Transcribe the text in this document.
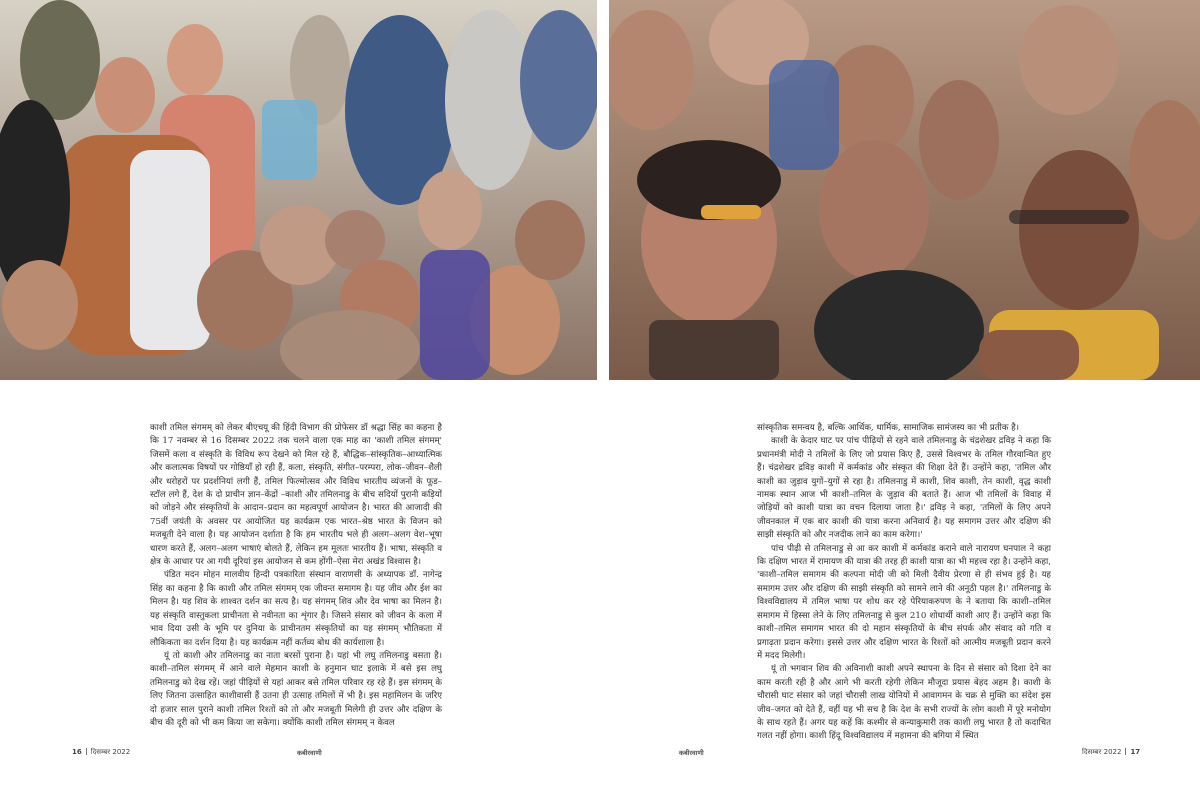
काशी तमिल संगमम् को लेकर बीएचयू की हिंदी विभाग की प्रोफेसर डॉ श्रद्धा सिंह का कहना है कि 17 नवम्बर से 16 दिसम्बर 2022 तक चलने वाला एक माह का 'काशी तमिल संगमम्' जिसमें कला व संस्कृति के विविध रूप देखने को मिल रहे हैं, बौद्धिक–सांस्कृतिक–आध्यात्मिक और कलात्मक विषयों पर गोष्ठियाँ हो रही हैं, कला, संस्कृति, संगीत–परम्परा, लोक–जीवन–शैली और धरोहरों पर प्रदर्शनियां लगी हैं, तमिल फिल्मोत्सव और विविध भारतीय व्यंजनों के फूड–स्टॉल लगे हैं, देश के दो प्राचीन ज्ञान–केंद्रों –काशी और तमिलनाडु के बीच सदियों पुरानी कड़ियों को जोड़ने और संस्कृतियों के आदान–प्रदान का महत्वपूर्ण आयोजन है। भारत की आजादी की 75वीं जयंती के अवसर पर आयोजित यह कार्यक्रम एक भारत–श्रेष्ठ भारत के विजन को मजबूती देने वाला है। यह आयोजन दर्शाता है कि हम भारतीय भले ही अलग–अलग वेश–भूषा धारण करते हैं, अलग–अलग भाषाएं बोलते हैं, लेकिन हम मूलतः भारतीय हैं। भाषा, संस्कृति व क्षेत्र के आधार पर आ गयी दूरियां इस आयोजन से कम होंगी–ऐसा मेरा अखंड विश्वास है।

पंडित मदन मोहन मालवीय हिन्दी पत्रकारिता संस्थान वाराणसी के अध्यापक डॉ. नागेन्द्र सिंह का कहना है कि काशी और तमिल संगमम् एक जीवन्त समागम है। यह जीव और ईश का मिलन है। यह शिव के शाश्वत दर्शन का सत्य है। यह संगमम् शिव और देव भाषा का मिलन है। यह संस्कृति वास्तुकला प्राचीनता से नवीनता का शृंगार है। जिसने संसार को जीवन के कला में भाव दिया उसी के भूमि पर दुनिया के प्राचीनतम संस्कृतियों का यह संगमम् भौतिकता में लौकिकता का दर्शन दिया है। यह कार्यक्रम नहीं कर्तव्य बोध की कार्यशाला है।

यूं तो काशी और तमिलनाडु का नाता बरसों पुराना है। यहां भी लघु तमिलनाडु बसता है। काशी–तमिल संगमम् में आने वाले मेहमान काशी के हनुमान घाट इलाके में बसे इस लघु तमिलनाडु को देख रहें। जहां पीढ़ियों से यहां आकर बसे तमिल परिवार रह रहे हैं। इस संगमम् के लिए जितना उत्साहित काशीवासी हैं उतना ही उत्साह तमिलों में भी है। इस महामिलन के जरिए दो हजार साल पुराने काशी तमिल रिश्तों को तो और मजबूती मिलेगी ही उत्तर और दक्षिण के बीच की दूरी को भी कम किया जा सकेगा। क्योंकि काशी तमिल संगमम् न केवल

16 दिसम्बर 2022	कबीरवाणी

सांस्कृतिक समन्वय है, बल्कि आर्थिक, धार्मिक, सामाजिक सामंजस्य का भी प्रतीक है।

काशी के केदार घाट पर पांच पीढ़ियों से रहने वाले तमिलनाडु के चंद्रशेखर द्रविड़ ने कहा कि प्रधानमंत्री मोदी ने तमिलों के लिए जो प्रयास किए हैं, उससे विश्वभर के तमिल गौरवान्वित हुए हैं। चंद्रशेखर द्रविड़ काशी में कर्मकांड और संस्कृत की शिक्षा देते हैं। उन्होंने कहा, 'तमिल और काशी का जुड़ाव युगों–युगों से रहा है। तमिलनाडु में काशी, शिव काशी, तेन काशी, वृद्ध काशी नामक स्थान आज भी काशी–तमिल के जुड़ाव की बताते हैं। आज भी तमिलों के विवाह में जोड़ियों को काशी यात्रा का वचन दिलाया जाता है।' द्रविड़ ने कहा, 'तमिलों के लिए अपने जीवनकाल में एक बार काशी की यात्रा करना अनिवार्य है। यह समागम उत्तर और दक्षिण की साझी संस्कृति को और नजदीक लाने का काम करेगा।'

पांच पीढ़ी से तमिलनाडु से आ कर काशी में कर्मकांड कराने वाले नारायण घनपाल ने कहा कि दक्षिण भारत में रामायण की यात्रा की तरह ही काशी यात्रा का भी महत्त्व रहा है। उन्होंने कहा, 'काशी–तमिल समागम की कल्पना मोदी जी को मिली दैवीय प्रेरणा से ही संभव हुई है। यह समागम उत्तर और दक्षिण की साझी संस्कृति को सामने लाने की अनूठी पहल है।' तमिलनाडु के विश्वविद्यालय में तमिल भाषा पर शोध कर रहे पेरियाकरुपण के ने बताया कि काशी–तमिल समागम में हिस्सा लेने के लिए तमिलनाडु से कुल 210 शोधार्थी काशी आए हैं। उन्होंने कहा कि काशी–तमिल समागम भारत की दो महान संस्कृतियों के बीच संपर्क और संवाद को गति व प्रगाढ़ता प्रदान करेगा। इससे उत्तर और दक्षिण भारत के रिश्तों को आत्मीय मजबूती प्रदान करने में मदद मिलेगी।

यूं तो भगवान शिव की अविनाशी काशी अपने स्थापना के दिन से संसार को दिशा देने का काम करती रही है और आगे भी करती रहेगी लेकिन मौजूदा प्रयास बेहद अहम है। काशी के चौरासी घाट संसार को जहां चौरासी लाख योनियों में आवागमन के चक्र से मुक्ति का संदेश इस जीव–जगत को देते हैं, वहीं यह भी सच है कि देश के सभी राज्यों के लोग काशी में पूरे मनोयोग के साथ रहते हैं। अगर यह कहें कि कश्मीर से कन्याकुमारी तक काशी लघु भारत है तो कदाचित गलत नहीं होगा। काशी हिंदू विश्वविद्यालय में महामना की बगिया में स्थित

कबीरवाणी	दिसम्बर 2022 17
